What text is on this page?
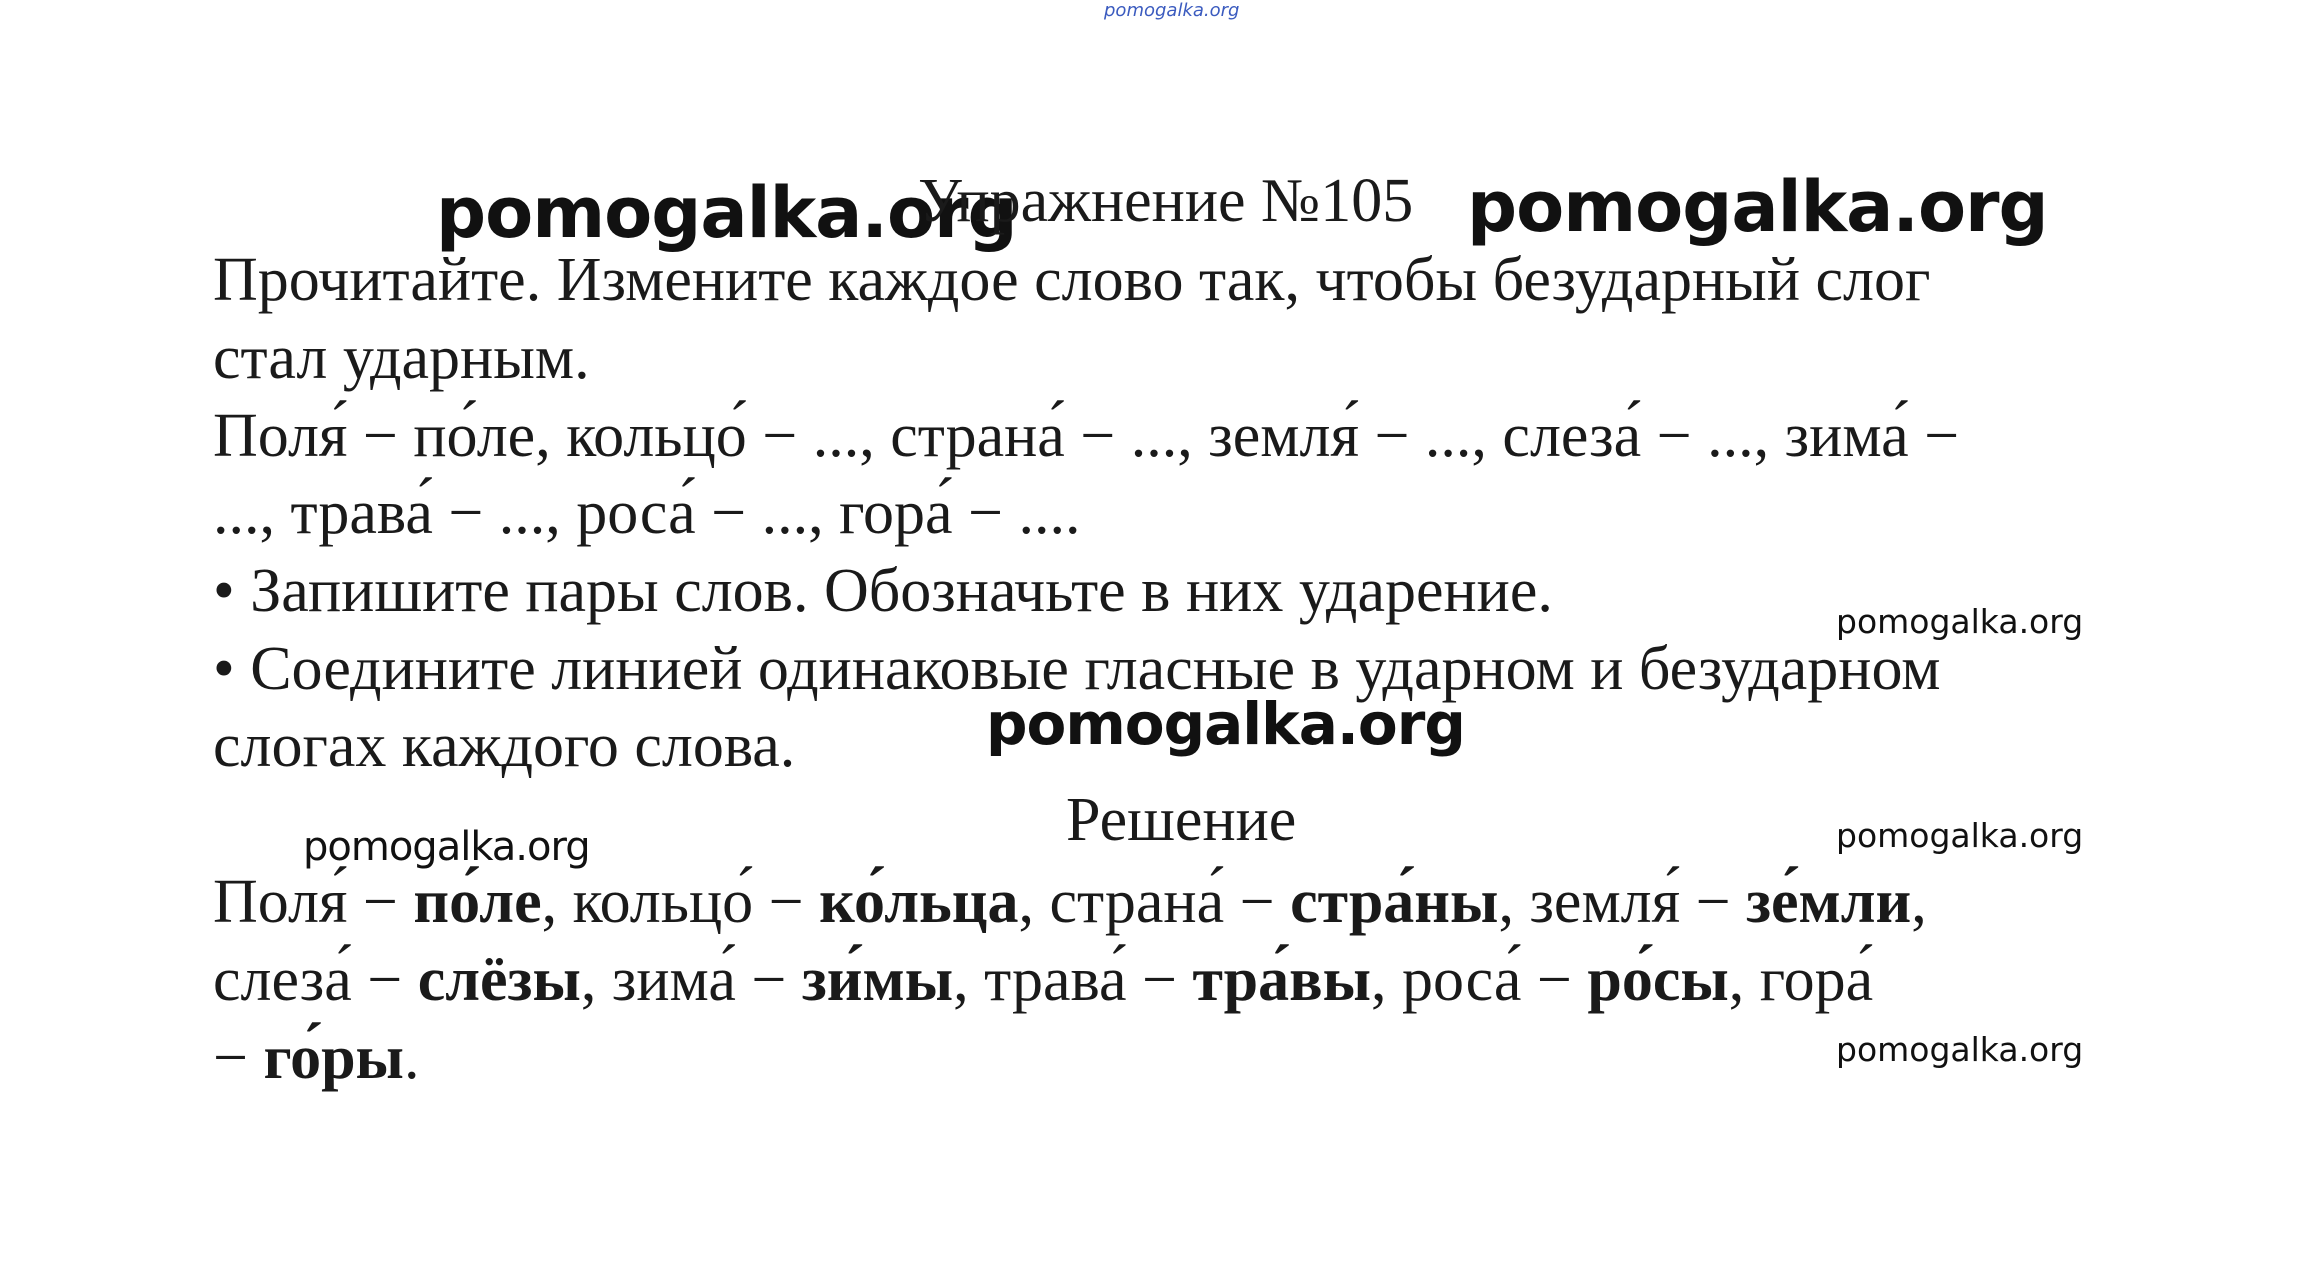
pomogalka.org
pomogalka.org
Упражнение №105 pomogalka.org
Прочитайте. Измените каждое слово так, чтобы безударный слог
стал ударным.
Поля́ − по́ле, кольцо́ − ..., страна́ − ..., земля́ − ..., слеза́ − ..., зима́ −
..., трава́ − ..., роса́ − ..., гора́ − ....
• Запишите пары слов. Обозначьте в них ударение.	pomogalka.org
• Соедините линией одинаковые гласные в ударном и безударном
pomogalka.org
слогах каждого слова.
Решение
pomogalka.org	pomogalka.org
Поля́ − по́ле, кольцо́ − ко́льца, страна́ − стра́ны, земля́ − зе́мли,
слеза́ − слёзы, зима́ − зи́мы, трава́ − тра́вы, роса́ − ро́сы, гора́
− го́ры.	pomogalka.org
